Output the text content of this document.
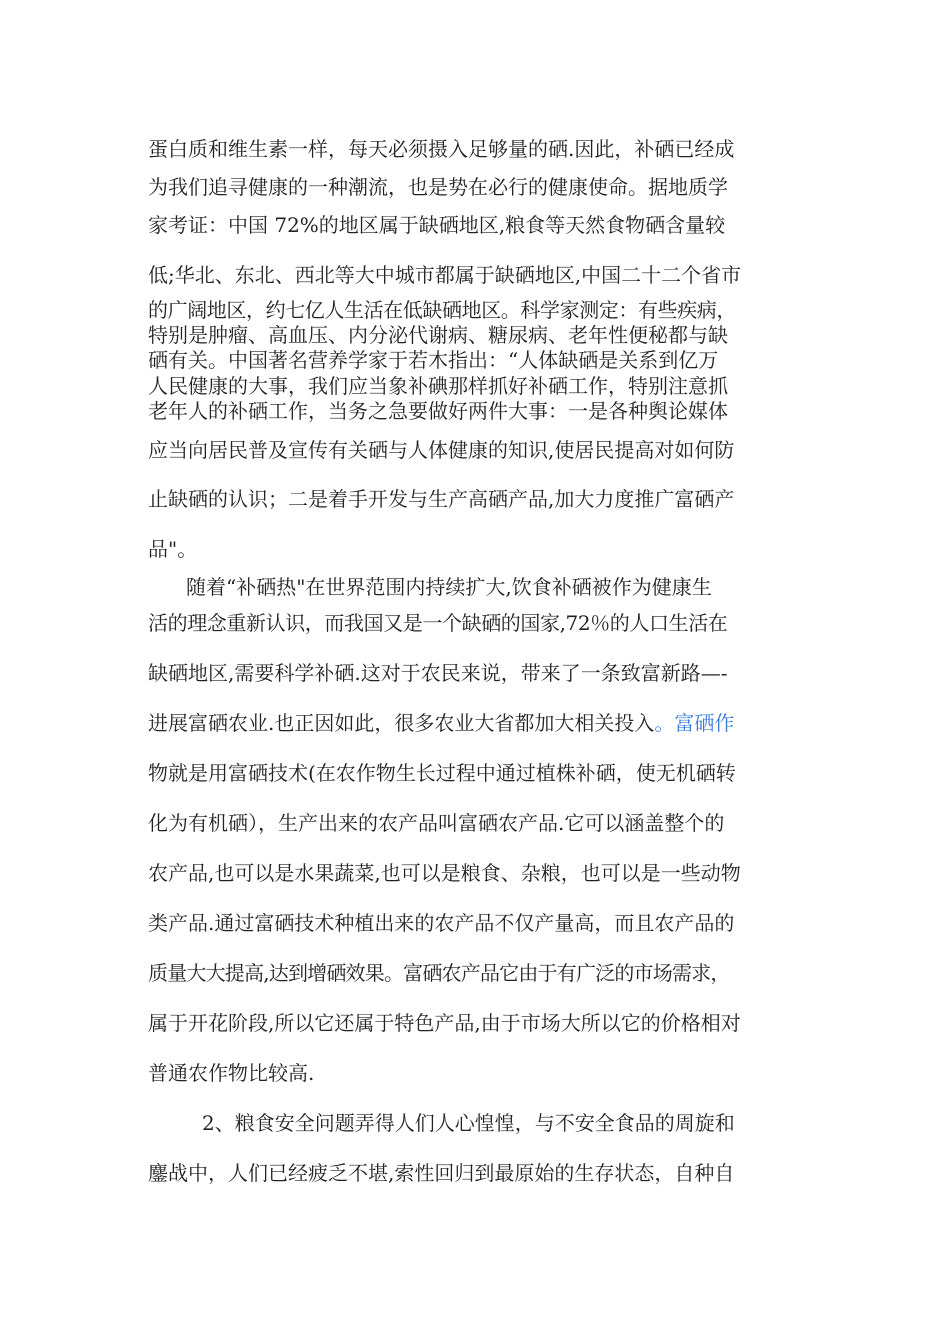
蛋白质和维生素一样，每天必须摄入足够量的硒.因此，补硒已经成

为我们追寻健康的一种潮流，也是势在必行的健康使命。据地质学

家考证：中国 72%的地区属于缺硒地区,粮食等天然食物硒含量较

低;华北、东北、西北等大中城市都属于缺硒地区,中国二十二个省市

的广阔地区，约七亿人生活在低缺硒地区。科学家测定：有些疾病，

特别是肿瘤、高血压、内分泌代谢病、糖尿病、老年性便秘都与缺

硒有关。中国著名营养学家于若木指出：“人体缺硒是关系到亿万

人民健康的大事，我们应当象补碘那样抓好补硒工作，特别注意抓

老年人的补硒工作，当务之急要做好两件大事：一是各种舆论媒体

应当向居民普及宣传有关硒与人体健康的知识,使居民提高对如何防

止缺硒的认识；二是着手开发与生产高硒产品,加大力度推广富硒产

品"。

随着“补硒热"在世界范围内持续扩大,饮食补硒被作为健康生

活的理念重新认识，而我国又是一个缺硒的国家,72％的人口生活在

缺硒地区,需要科学补硒.这对于农民来说，带来了一条致富新路—-

进展富硒农业.也正因如此，很多农业大省都加大相关投入。富硒作

物就是用富硒技术(在农作物生长过程中通过植株补硒，使无机硒转

化为有机硒），生产出来的农产品叫富硒农产品.它可以涵盖整个的

农产品,也可以是水果蔬菜,也可以是粮食、杂粮，也可以是一些动物

类产品.通过富硒技术种植出来的农产品不仅产量高，而且农产品的

质量大大提高,达到增硒效果。富硒农产品它由于有广泛的市场需求，

属于开花阶段,所以它还属于特色产品,由于市场大所以它的价格相对

普通农作物比较高.

2、粮食安全问题弄得人们人心惶惶，与不安全食品的周旋和

鏖战中，人们已经疲乏不堪,索性回归到最原始的生存状态，自种自
